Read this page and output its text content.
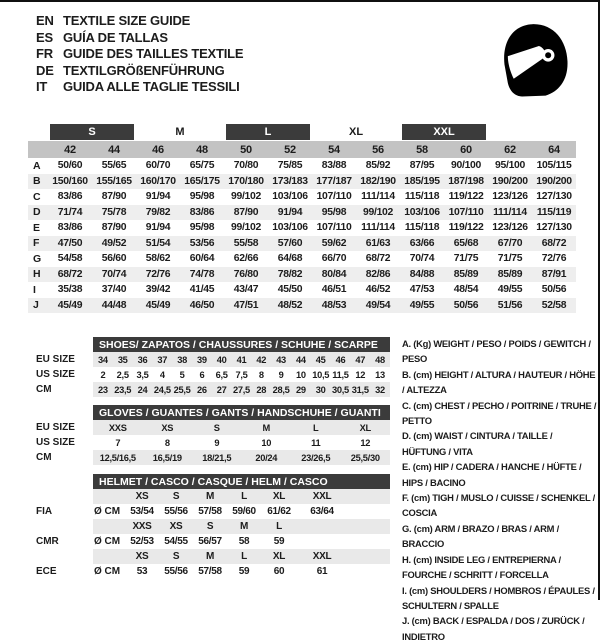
EN TEXTILE SIZE GUIDE
ES GUÍA DE TALLAS
FR GUIDE DES TAILLES TEXTILE
DE TEXTILGRÖßENFÜHRUNG
IT	GUIDA ALLE TAGLIE TESSILI

	S		M		L		XL		XXL			

	42	44	46	48	50	52	54	56	58	60	62	64
A	50/60	55/65	60/70	65/75	70/80	75/85	83/88	85/92	87/95	90/100	95/100	105/115
B	150/160	155/165	160/170	165/175	170/180	173/183	177/187	182/190	185/195	187/198	190/200	190/200
C	83/86	87/90	91/94	95/98	99/102	103/106	107/110	111/114	115/118	119/122	123/126	127/130
D	71/74	75/78	79/82	83/86	87/90	91/94	95/98	99/102	103/106	107/110	111/114	115/119
E	83/86	87/90	91/94	95/98	99/102	103/106	107/110	111/114	115/118	119/122	123/126	127/130
F	47/50	49/52	51/54	53/56	55/58	57/60	59/62	61/63	63/66	65/68	67/70	68/72
G	54/58	56/60	58/62	60/64	62/66	64/68	66/70	68/72	70/74	71/75	71/75	72/76
H	68/72	70/74	72/76	74/78	76/80	78/82	80/84	82/86	84/88	85/89	85/89	87/91
I	35/38	37/40	39/42	41/45	43/47	45/50	46/51	46/52	47/53	48/54	49/55	50/56
J	45/49	44/48	45/49	46/50	47/51	48/52	48/53	49/54	49/55	50/56	51/56	52/58
	SHOES/ ZAPATOS / CHAUSSURES / SCHUHE / SCARPE														
EU SIZE	34	35	36	37	38	39	40	41	42	43	44	45	46	47	48
US SIZE	2	2,5	3,5	4	5	6	6,5	7,5	8	9	10	10,5	11,5	12	13
CM	23	23,5	24	24,5	25,5	26	27	27,5	28	28,5	29	30	30,5	31,5	32
	GLOVES / GUANTES / GANTS / HANDSCHUHE / GUANTI					
EU SIZE	XXS	XS	S	M	L	XL
US SIZE	7	8	9	10	11	12
CM	12,5/16,5	16,5/19	18/21,5	20/24	23/26,5	25,5/30
	HELMET / CASCO / CASQUE / HELM / CASCO							
		XS	S	M	L	XL	XXL	
FIA	Ø CM	53/54	55/56	57/58	59/60	61/62	63/64	
		XXS	XS	S	M	L		
CMR	Ø CM	52/53	54/55	56/57	58	59		
		XS	S	M	L	XL	XXL	
ECE	Ø CM	53	55/56	57/58	59	60	61	
A. (Kg) WEIGHT / PESO / POIDS / GEWITCH / PESO
B. (cm) HEIGHT / ALTURA / HAUTEUR / HÖHE / ALTEZZA
C. (cm) CHEST / PECHO / POITRINE / TRUHE / PETTO
D. (cm) WAIST / CINTURA / TAILLE / HÜFTUNG / VITA
E. (cm) HIP / CADERA / HANCHE / HÜFTE / HIPS / BACINO
F. (cm) TIGH / MUSLO / CUISSE / SCHENKEL / COSCIA
G. (cm) ARM / BRAZO / BRAS / ARM / BRACCIO
H. (cm) INSIDE LEG / ENTREPIERNA / FOURCHE / SCHRITT / FORCELLA
I. (cm) SHOULDERS / HOMBROS / ÉPAULES / SCHULTERN / SPALLE
J. (cm) BACK / ESPALDA / DOS / ZURÜCK / INDIETRO
